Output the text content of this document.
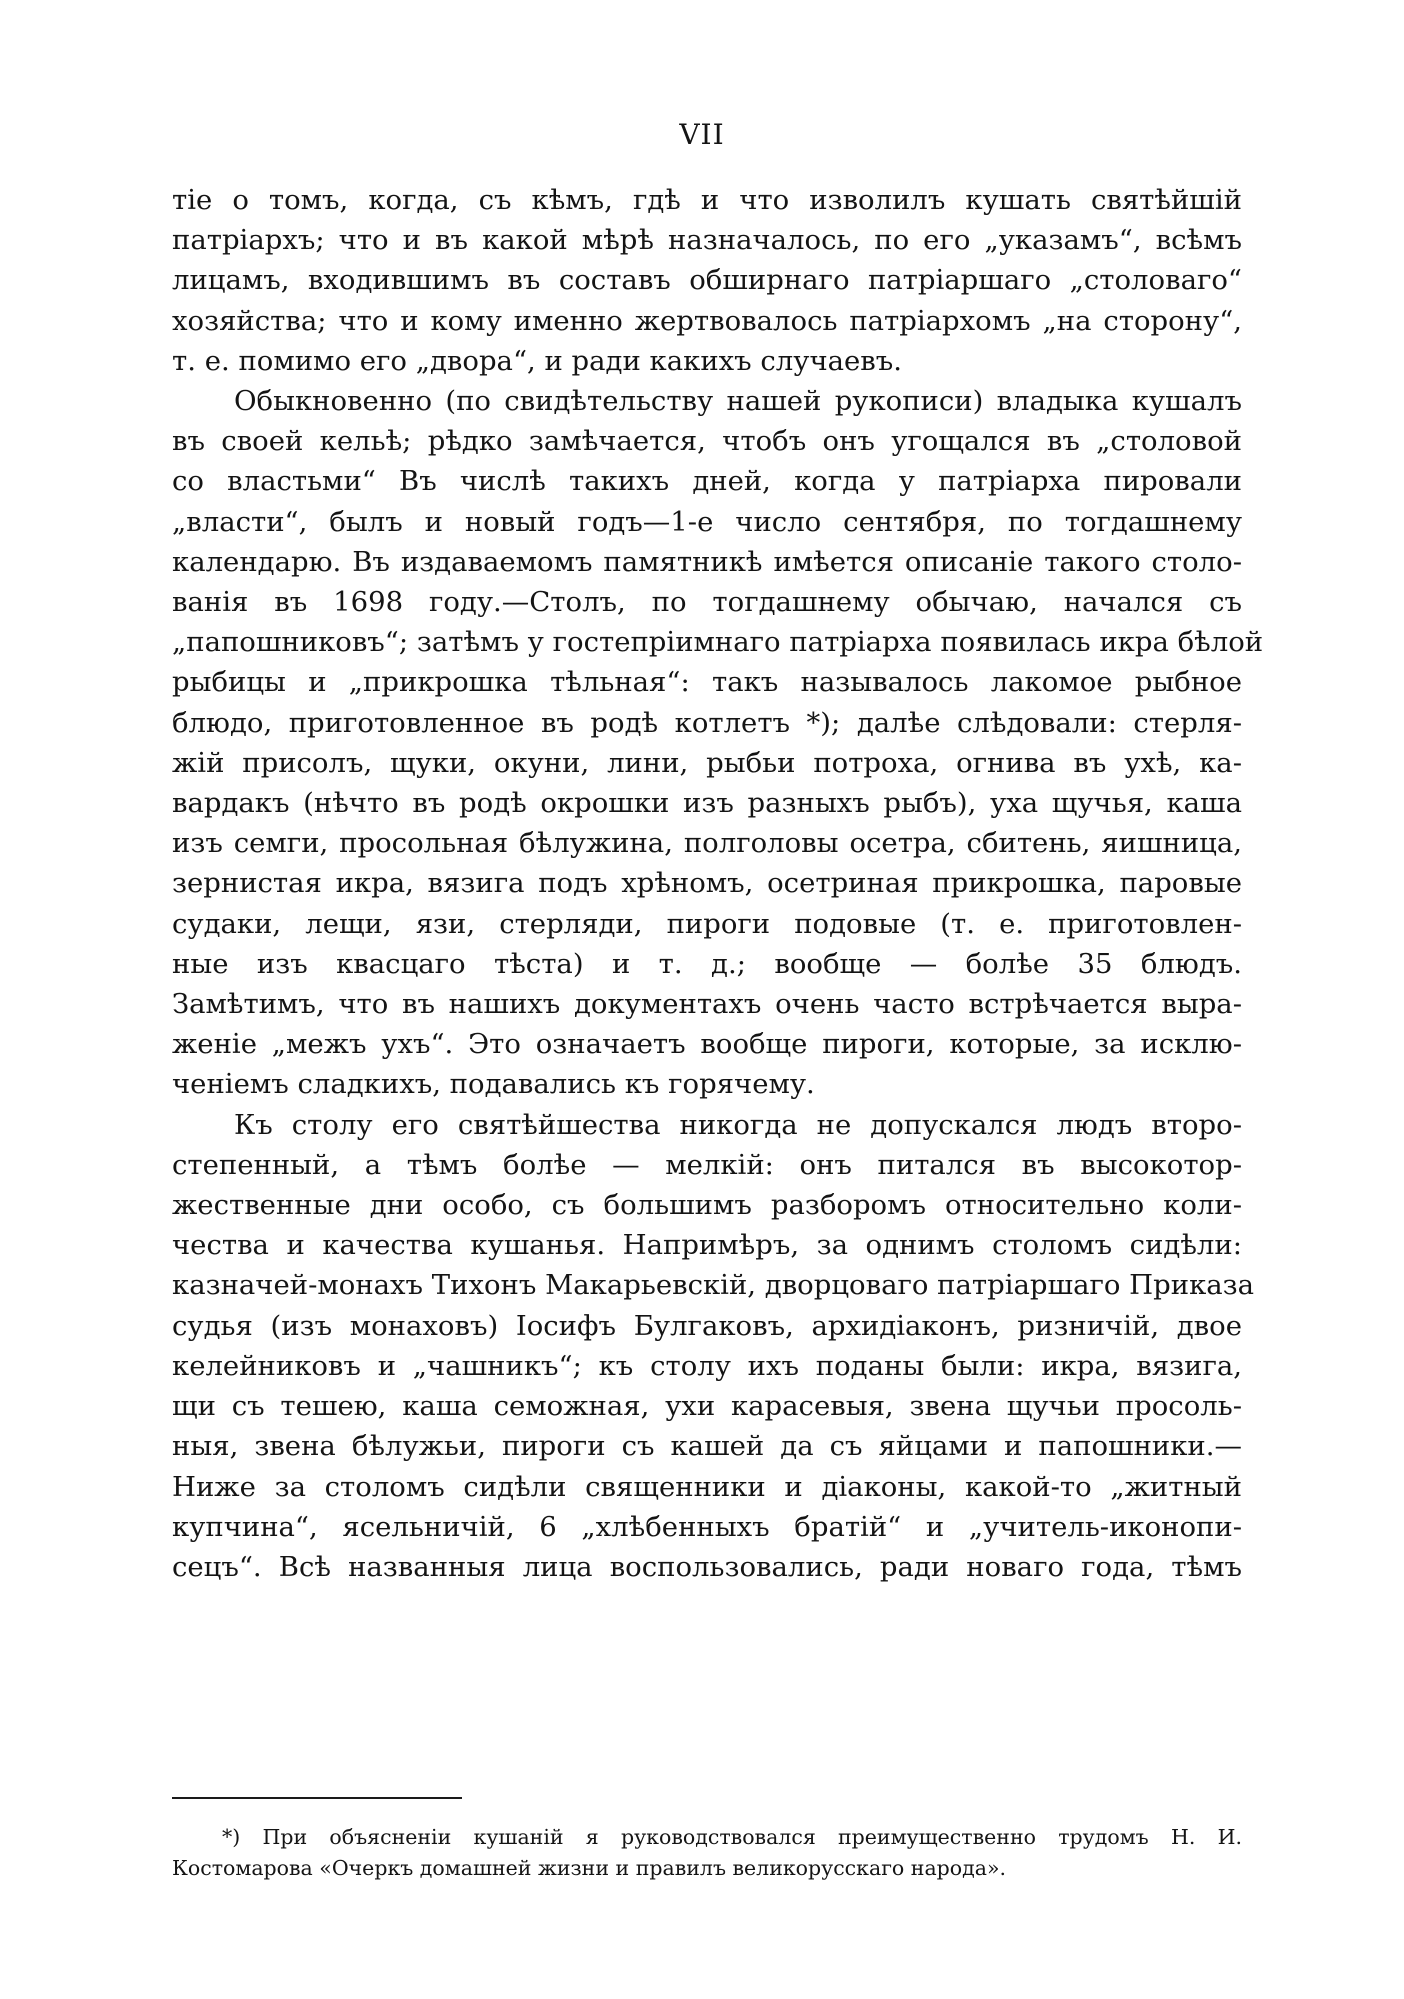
VII
тіе о томъ, когда, съ кѣмъ, гдѣ и что изволилъ кушать святѣйшій
патріархъ; что и въ какой мѣрѣ назначалось, по его „указамъ“, всѣмъ
лицамъ, входившимъ въ составъ обширнаго патріаршаго „столоваго“
хозяйства; что и кому именно жертвовалось патріархомъ „на сторону“,
т. е. помимо его „двора“, и ради какихъ случаевъ.
Обыкновенно (по свидѣтельству нашей рукописи) владыка кушалъ
въ своей кельѣ; рѣдко замѣчается, чтобъ онъ угощался въ „столовой
со властьми“ Въ числѣ такихъ дней, когда у патріарха пировали
„власти“, былъ и новый годъ—1-е число сентября, по тогдашнему
календарю. Въ издаваемомъ памятникѣ имѣется описаніе такого столо-
ванія въ 1698 году.—Столъ, по тогдашнему обычаю, начался съ
„папошниковъ“; затѣмъ у гостепріимнаго патріарха появилась икра бѣлой
рыбицы и „прикрошка тѣльная“: такъ называлось лакомое рыбное
блюдо, приготовленное въ родѣ котлетъ *); далѣе слѣдовали: стерля-
жій присолъ, щуки, окуни, лини, рыбьи потроха, огнива въ ухѣ, ка-
вардакъ (нѣчто въ родѣ окрошки изъ разныхъ рыбъ), уха щучья, каша
изъ семги, просольная бѣлужина, полголовы осетра, сбитень, яишница,
зернистая икра, вязига подъ хрѣномъ, осетриная прикрошка, паровые
судаки, лещи, язи, стерляди, пироги подовые (т. е. приготовлен-
ные изъ квасцаго тѣста) и т. д.; вообще — болѣе 35 блюдъ.
Замѣтимъ, что въ нашихъ документахъ очень часто встрѣчается выра-
женіе „межъ ухъ“. Это означаетъ вообще пироги, которые, за исклю-
ченіемъ сладкихъ, подавались къ горячему.
Къ столу его святѣйшества никогда не допускался людъ второ-
степенный, а тѣмъ болѣе — мелкій: онъ питался въ высокотор-
жественные дни особо, съ большимъ разборомъ относительно коли-
чества и качества кушанья. Напримѣръ, за однимъ столомъ сидѣли:
казначей-монахъ Тихонъ Макарьевскій, дворцоваго патріаршаго Приказа
судья (изъ монаховъ) Іосифъ Булгаковъ, архидіаконъ, ризничій, двое
келейниковъ и „чашникъ“; къ столу ихъ поданы были: икра, вязига,
щи съ тешею, каша семожная, ухи карасевыя, звена щучьи просоль-
ныя, звена бѣлужьи, пироги съ кашей да съ яйцами и папошники.—
Ниже за столомъ сидѣли священники и діаконы, какой-то „житный
купчина“, ясельничій, 6 „хлѣбенныхъ братій“ и „учитель-иконопи-
сецъ“. Всѣ названныя лица воспользовались, ради новаго года, тѣмъ
*) При объясненіи кушаній я руководствовался преимущественно трудомъ Н. И.
Костомарова «Очеркъ домашней жизни и правилъ великорусскаго народа».
